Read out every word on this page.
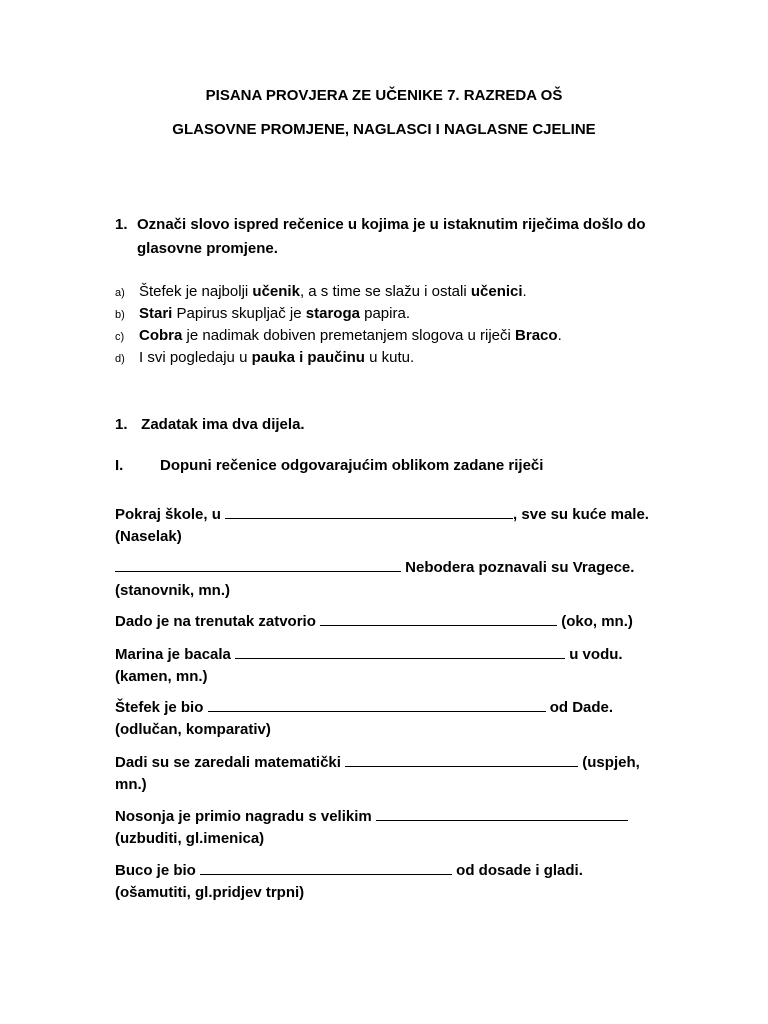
PISANA PROVJERA ZE UČENIKE 7. RAZREDA OŠ
GLASOVNE PROMJENE, NAGLASCI I NAGLASNE CJELINE
1. Označi slovo ispred rečenice u kojima je u istaknutim riječima došlo do glasovne promjene.
a) Štefek je najbolji učenik, a s time se slažu i ostali učenici.
b) Stari Papirus skupljač je staroga papira.
c) Cobra je nadimak dobiven premetanjem slogova u riječi Braco.
d) I svi pogledaju u pauka i paučinu u kutu.
1. Zadatak ima dva dijela.
I. Dopuni rečenice odgovarajućim oblikom zadane riječi
Pokraj škole, u	, sve su kuće male.
(Naselak)
Nebodera poznavali su Vragece.
(stanovnik, mn.)
Dado je na trenutak zatvorio	(oko, mn.)
Marina je bacala	u vodu.
(kamen, mn.)
Štefek je bio	od Dade.
(odlučan, komparativ)
Dadi su se zaredali matematički	(uspjeh,
mn.)
Nosonja je primio nagradu s velikim
(uzbuditi, gl.imenica)
Buco je bio	od dosade i gladi.
(ošamutiti, gl.pridjev trpni)
